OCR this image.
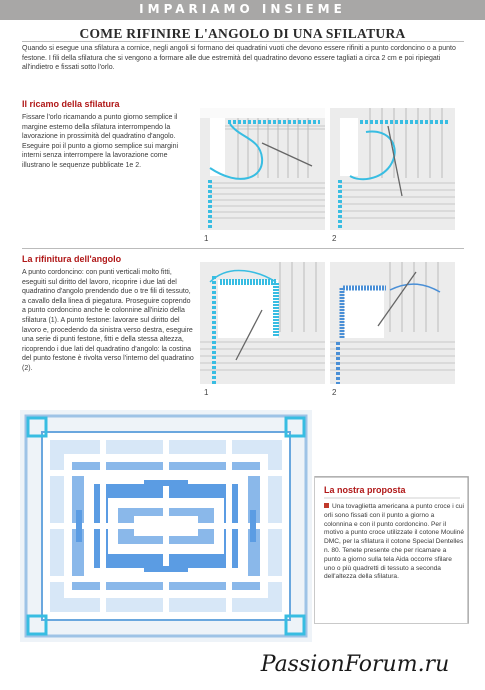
IMPARIAMO INSIEME
COME RIFINIRE L'ANGOLO DI UNA SFILATURA
Quando si esegue una sfilatura a cornice, negli angoli si formano dei quadratini vuoti che devono essere rifiniti a punto cordoncino o a punto festone. I fili della sfilatura che si vengono a formare alle due estremità del quadratino devono essere tagliati a circa 2 cm e poi ripiegati all'indietro e fissati sotto l'orlo.
Il ricamo della sfilatura
Fissare l'orlo ricamando a punto giorno semplice il margine esterno della sfilatura interrompendo la lavorazione in prossimità del quadratino d'angolo. Eseguire poi il punto a giorno semplice sui margini interni senza interrompere la lavorazione come illustrano le sequenze pubblicate 1e 2.
1	2
La rifinitura dell'angolo
A punto cordoncino: con punti verticali molto fitti, eseguiti sul diritto del lavoro, ricoprire i due lati del quadratino d'angolo prendendo due o tre fili di tessuto, a cavallo della linea di piegatura. Proseguire coprendo a punto cordoncino anche le colonnine all'inizio della sfilatura (1). A punto festone: lavorare sul diritto del lavoro e, procedendo da sinistra verso destra, eseguire una serie di punti festone, fitti e della stessa altezza, ricoprendo i due lati del quadratino d'angolo: la costina del punto festone è rivolta verso l'interno del quadratino (2).
1	2
La nostra proposta
Una tovaglietta americana a punto croce i cui orli sono fissati con il punto a giorno a colonnina e con il punto cordoncino. Per il motivo a punto croce utilizzate il cotone Mouliné DMC, per la sfilatura il cotone Special Dentelles n. 80. Tenete presente che per ricamare a punto a giorno sulla tela Aida occorre sfilare uno o più quadretti di tessuto a seconda dell'altezza della sfilatura.
PassionForum.ru
